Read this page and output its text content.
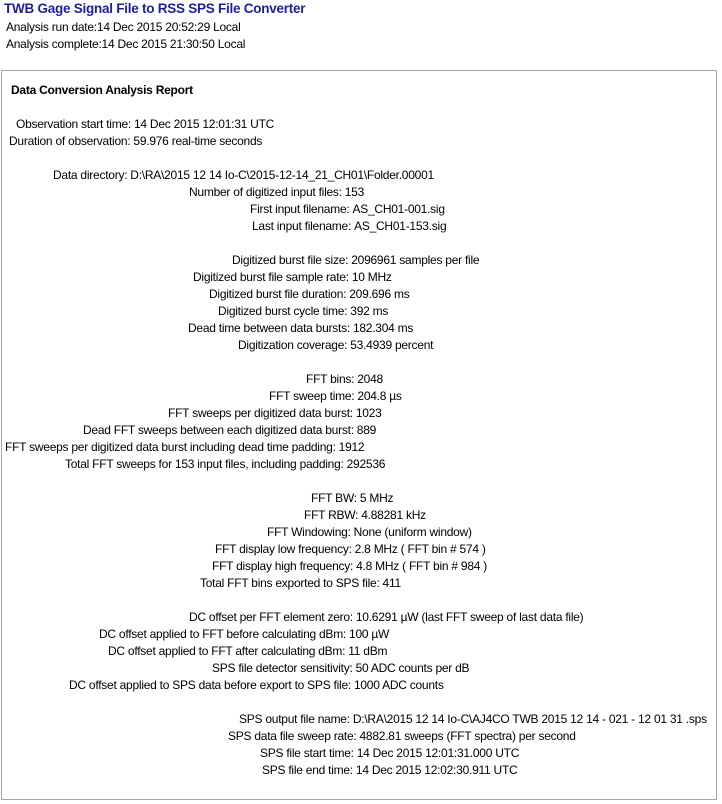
TWB Gage Signal File to RSS SPS File Converter
Analysis run date:14 Dec 2015 20:52:29 Local
Analysis complete:14 Dec 2015 21:30:50 Local
Data Conversion Analysis Report
Observation start time: 14 Dec 2015 12:01:31 UTC
Duration of observation: 59.976 real-time seconds
Data directory: D:\RA\2015 12 14 Io-C\2015-12-14_21_CH01\Folder.00001
Number of digitized input files: 153
First input filename: AS_CH01-001.sig
Last input filename: AS_CH01-153.sig
Digitized burst file size: 2096961 samples per file
Digitized burst file sample rate: 10 MHz
Digitized burst file duration: 209.696 ms
Digitized burst cycle time: 392 ms
Dead time between data bursts: 182.304 ms
Digitization coverage: 53.4939 percent
FFT bins: 2048
FFT sweep time: 204.8 µs
FFT sweeps per digitized data burst: 1023
Dead FFT sweeps between each digitized data burst: 889
FFT sweeps per digitized data burst including dead time padding: 1912
Total FFT sweeps for 153 input files, including padding: 292536
FFT BW: 5 MHz
FFT RBW: 4.88281 kHz
FFT Windowing: None (uniform window)
FFT display low frequency: 2.8 MHz ( FFT bin # 574 )
FFT display high frequency: 4.8 MHz ( FFT bin # 984 )
Total FFT bins exported to SPS file: 411
DC offset per FFT element zero: 10.6291 µW (last FFT sweep of last data file)
DC offset applied to FFT before calculating dBm: 100 µW
DC offset applied to FFT after calculating dBm: 11 dBm
SPS file detector sensitivity: 50 ADC counts per dB
DC offset applied to SPS data before export to SPS file: 1000 ADC counts
SPS output file name: D:\RA\2015 12 14 Io-C\AJ4CO TWB 2015 12 14 - 021 - 12 01 31 .sps
SPS data file sweep rate: 4882.81 sweeps (FFT spectra) per second
SPS file start time: 14 Dec 2015 12:01:31.000 UTC
SPS file end time: 14 Dec 2015 12:02:30.911 UTC
